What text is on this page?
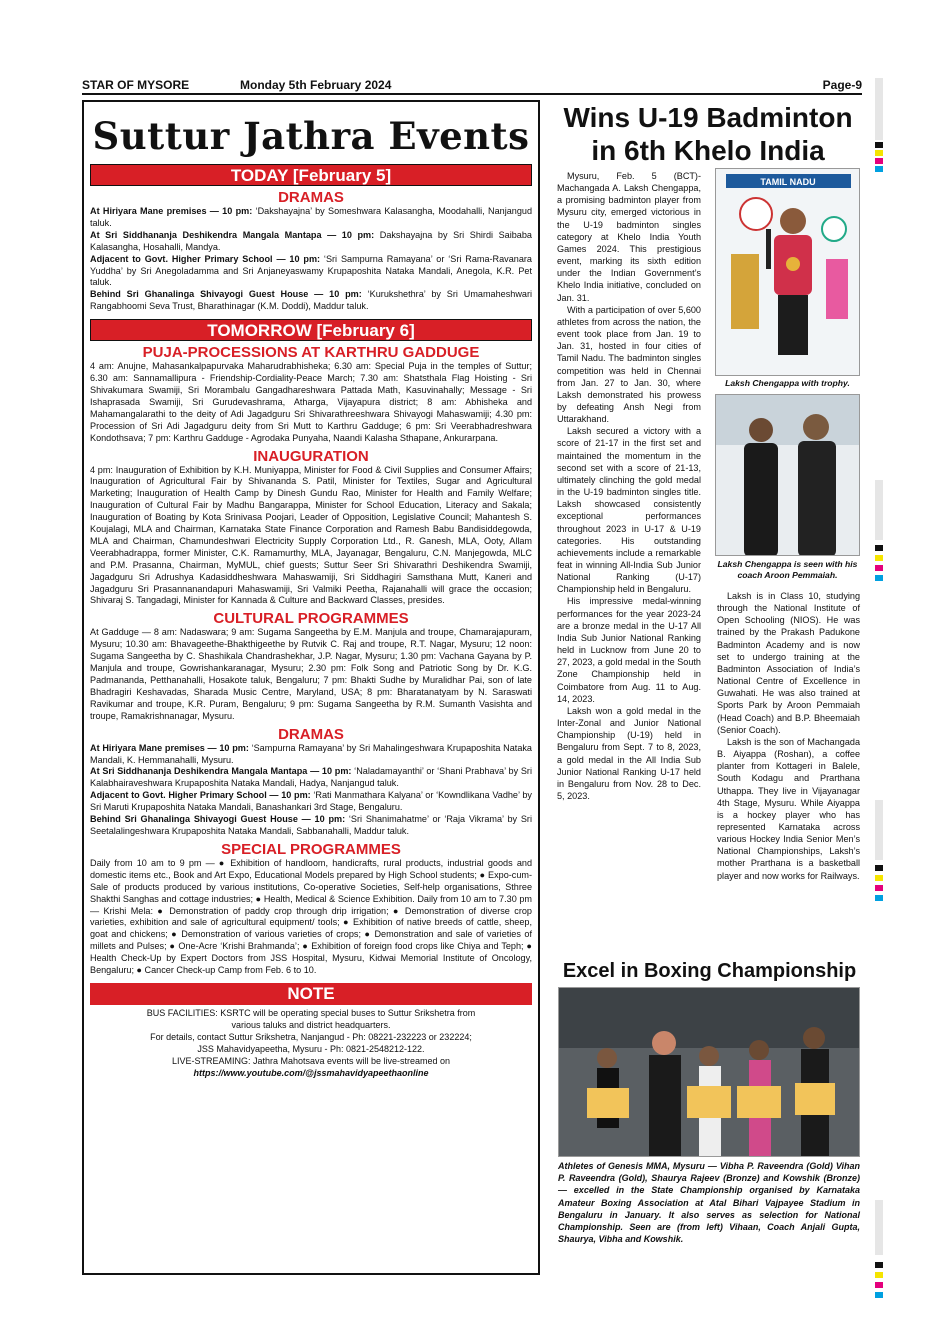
STAR OF MYSORE	Monday 5th February 2024	Page-9
Suttur Jathra Events
TODAY [February 5]
DRAMAS
At Hiriyara Mane premises — 10 pm: ‘Dakshayajna’ by Someshwara Kalasangha, Moodahalli, Nanjangud taluk.
At Sri Siddhananja Deshikendra Mangala Mantapa — 10 pm: Dakshayajna by Sri Shirdi Saibaba Kalasangha, Hosahalli, Mandya.
Adjacent to Govt. Higher Primary School — 10 pm: ‘Sri Sampurna Ramayana’ or ‘Sri Rama-Ravanara Yuddha’ by Sri Anegoladamma and Sri Anjaneyaswamy Krupaposhita Nataka Mandali, Anegola, K.R. Pet taluk.
Behind Sri Ghanalinga Shivayogi Guest House — 10 pm: ‘Kurukshethra’ by Sri Umamaheshwari Rangabhoomi Seva Trust, Bharathinagar (K.M. Doddi), Maddur taluk.
TOMORROW [February 6]
PUJA-PROCESSIONS AT KARTHRU GADDUGE
4 am: Anujne, Mahasankalpapurvaka Maharudrabhisheka; 6.30 am: Special Puja in the temples of Suttur; 6.30 am: Sannamallipura - Friendship-Cordiality-Peace March; 7.30 am: Shatsthala Flag Hoisting - Sri Shivakumara Swamiji, Sri Morambalu Gangadhareshwara Pattada Math, Kasuvinahally; Message - Sri Ishaprasada Swamiji, Sri Gurudevashrama, Atharga, Vijayapura district; 8 am: Abhisheka and Mahamangalarathi to the deity of Adi Jagadguru Sri Shivarathreeshwara Shivayogi Mahaswamiji; 4.30 pm: Procession of Sri Adi Jagadguru deity from Sri Mutt to Karthru Gadduge; 6 pm: Sri Veerabhadreshwara Kondothsava; 7 pm: Karthru Gadduge - Agrodaka Punyaha, Naandi Kalasha Sthapane, Ankurarpana.
INAUGURATION
4 pm: Inauguration of Exhibition by K.H. Muniyappa, Minister for Food & Civil Supplies and Consumer Affairs; Inauguration of Agricultural Fair by Shivananda S. Patil, Minister for Textiles, Sugar and Agricultural Marketing; Inauguration of Health Camp by Dinesh Gundu Rao, Minister for Health and Family Welfare; Inauguration of Cultural Fair by Madhu Bangarappa, Minister for School Education, Literacy and Sakala; Inauguration of Boating by Kota Srinivasa Poojari, Leader of Opposition, Legislative Council; Mahantesh S. Koujalagi, MLA and Chairman, Karnataka State Finance Corporation and Ramesh Babu Bandisiddegowda, MLA and Chairman, Chamundeshwari Electricity Supply Corporation Ltd., R. Ganesh, MLA, Ooty, Allam Veerabhadrappa, former Minister, C.K. Ramamurthy, MLA, Jayanagar, Bengaluru, C.N. Manjegowda, MLC and P.M. Prasanna, Chairman, MyMUL, chief guests; Suttur Seer Sri Shivarathri Deshikendra Swamiji, Jagadguru Sri Adrushya Kadasiddheshwara Mahaswamiji, Sri Siddhagiri Samsthana Mutt, Kaneri and Jagadguru Sri Prasannanandapuri Mahaswamiji, Sri Valmiki Peetha, Rajanahalli will grace the occasion; Shivaraj S. Tangadagi, Minister for Kannada & Culture and Backward Classes, presides.
CULTURAL PROGRAMMES
At Gadduge — 8 am: Nadaswara; 9 am: Sugama Sangeetha by E.M. Manjula and troupe, Chamarajapuram, Mysuru; 10.30 am: Bhavageethe-Bhakthigeethe by Rutvik C. Raj and troupe, R.T. Nagar, Mysuru; 12 noon: Sugama Sangeetha by C. Shashikala Chandrashekhar, J.P. Nagar, Mysuru; 1.30 pm: Vachana Gayana by P. Manjula and troupe, Gowrishankaranagar, Mysuru; 2.30 pm: Folk Song and Patriotic Song by Dr. K.G. Padmananda, Petthanahalli, Hosakote taluk, Bengaluru; 7 pm: Bhakti Sudhe by Muralidhar Pai, son of late Bhadragiri Keshavadas, Sharada Music Centre, Maryland, USA; 8 pm: Bharatanatyam by N. Saraswati Ravikumar and troupe, K.R. Puram, Bengaluru; 9 pm: Sugama Sangeetha by R.M. Sumanth Vasishta and troupe, Ramakrishnanagar, Mysuru.
DRAMAS
At Hiriyara Mane premises — 10 pm: ‘Sampurna Ramayana’ by Sri Mahalingeshwara Krupaposhita Nataka Mandali, K. Hemmanahalli, Mysuru.
At Sri Siddhananja Deshikendra Mangala Mantapa — 10 pm: ‘Naladamayanthi’ or ‘Shani Prabhava’ by Sri Kalabhairaveshwara Krupaposhita Nataka Mandali, Hadya, Nanjangud taluk.
Adjacent to Govt. Higher Primary School — 10 pm: ‘Rati Manmathara Kalyana’ or ‘Kowndlikana Vadhe’ by Sri Maruti Krupaposhita Nataka Mandali, Banashankari 3rd Stage, Bengaluru.
Behind Sri Ghanalinga Shivayogi Guest House — 10 pm: ‘Sri Shanimahatme’ or ‘Raja Vikrama’ by Sri Seetalalingeshwara Krupaposhita Nataka Mandali, Sabbanahalli, Maddur taluk.
SPECIAL PROGRAMMES
Daily from 10 am to 9 pm — ● Exhibition of handloom, handicrafts, rural products, industrial goods and domestic items etc., Book and Art Expo, Educational Models prepared by High School students; ● Expo-cum-Sale of products produced by various institutions, Co-operative Societies, Self-help organisations, Sthree Shakthi Sanghas and cottage industries; ● Health, Medical & Science Exhibition. Daily from 10 am to 7.30 pm — Krishi Mela: ● Demonstration of paddy crop through drip irrigation; ● Demonstration of diverse crop varieties, exhibition and sale of agricultural equipment/ tools; ● Exhibition of native breeds of cattle, sheep, goat and chickens; ● Demonstration of various varieties of crops; ● Demonstration and sale of varieties of millets and Pulses; ● One-Acre ‘Krishi Brahmanda’; ● Exhibition of foreign food crops like Chiya and Teph; ● Health Check-Up by Expert Doctors from JSS Hospital, Mysuru, Kidwai Memorial Institute of Oncology, Bengaluru; ● Cancer Check-up Camp from Feb. 6 to 10.
NOTE
BUS FACILITIES: KSRTC will be operating special buses to Suttur Srikshetra from
various taluks and district headquarters.
For details, contact Suttur Srikshetra, Nanjangud - Ph: 08221-232223 or 232224;
JSS Mahavidyapeetha, Mysuru - Ph: 0821-2548212-122.
LIVE-STREAMING: Jathra Mahotsava events will be live-streamed on
https://www.youtube.com/@jssmahavidyapeethaonline
Wins U-19 Badminton
in 6th Khelo India

Mysuru, Feb. 5 (BCT)- Machangada A. Laksh Chengappa, a promising badminton player from Mysuru city, emerged victorious in the U-19 badminton singles category at Khelo India Youth Games 2024. This prestigious event, marking its sixth edition under the Indian Government’s Khelo India initiative, concluded on Jan. 31.

With a participation of over 5,600 athletes from across the nation, the event took place from Jan. 19 to Jan. 31, hosted in four cities of Tamil Nadu. The badminton singles competition was held in Chennai from Jan. 27 to Jan. 30, where Laksh demonstrated his prowess by defeating Ansh Negi from Uttarakhand.

Laksh secured a victory with a score of 21-17 in the first set and maintained the momentum in the second set with a score of 21-13, ultimately clinching the gold medal in the U-19 badminton singles title. Laksh showcased consistently exceptional performances throughout 2023 in U-17 & U-19 categories. His outstanding achievements include a remarkable feat in winning All-India Sub Junior National Ranking (U-17) Championship held in Bengaluru.

His impressive medal-winning performances for the year 2023-24 are a bronze medal in the U-17 All India Sub Junior National Ranking held in Lucknow from June 20 to 27, 2023, a gold medal in the South Zone Championship held in Coimbatore from Aug. 11 to Aug. 14, 2023.

Laksh won a gold medal in the Inter-Zonal and Junior National Championship (U-19) held in Bengaluru from Sept. 7 to 8, 2023, a gold medal in the All India Sub Junior National Ranking U-17 held in Bengaluru from Nov. 28 to Dec. 5, 2023.

TAMIL NADU
Laksh Chengappa with trophy.
Laksh Chengappa is seen with his coach Aroon Pemmaiah.

Laksh is in Class 10, studying through the National Institute of Open Schooling (NIOS). He was trained by the Prakash Padukone Badminton Academy and is now set to undergo training at the Badminton Association of India’s National Centre of Excellence in Guwahati. He was also trained at Sports Park by Aroon Pemmaiah (Head Coach) and B.P. Bheemaiah (Senior Coach).

Laksh is the son of Machangada B. Aiyappa (Roshan), a coffee planter from Kottageri in Balele, South Kodagu and Prarthana Uthappa. They live in Vijayanagar 4th Stage, Mysuru. While Aiyappa is a hockey player who has represented Karnataka across various Hockey India Senior Men’s National Championships, Laksh’s mother Prarthana is a basketball player and now works for Railways.

Excel in Boxing Championship
Athletes of Genesis MMA, Mysuru — Vibha P. Raveendra (Gold) Vihan P. Raveendra (Gold), Shaurya Rajeev (Bronze) and Kowshik (Bronze) — excelled in the State Championship organised by Karnataka Amateur Boxing Association at Atal Bihari Vajpayee Stadium in Bengaluru in January. It also serves as selection for National Championship. Seen are (from left) Vihaan, Coach Anjali Gupta, Shaurya, Vibha and Kowshik.
